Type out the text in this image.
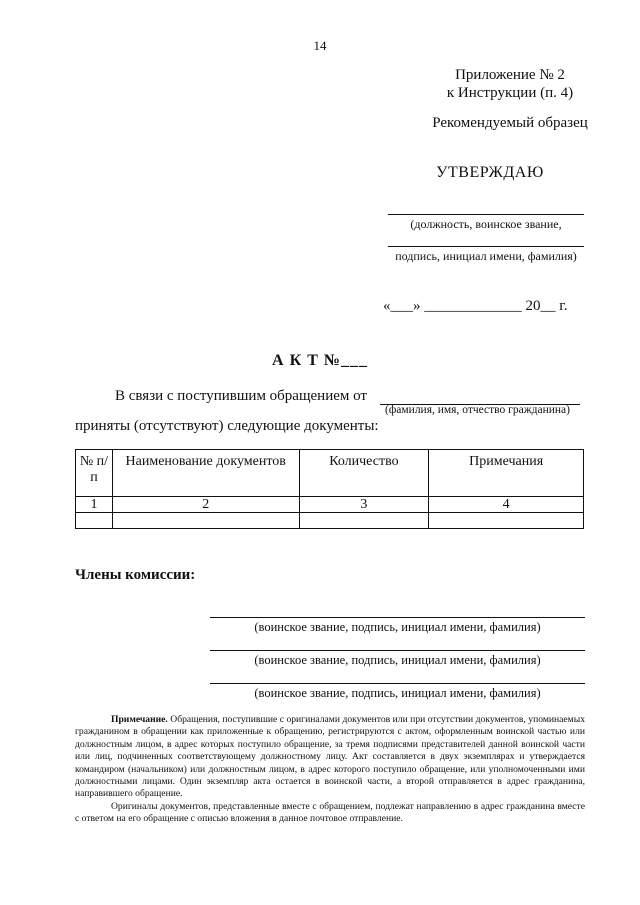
14
Приложение № 2
к Инструкции (п. 4)
Рекомендуемый образец
УТВЕРЖДАЮ
(должность, воинское звание,
подпись, инициал имени, фамилия)
«___» _____________ 20__ г.
А К Т №___
В связи с поступившим обращением от
(фамилия, имя, отчество гражданина)
приняты (отсутствуют) следующие документы:
№ п/п	Наименование документов	Количество	Примечания
1	2	3	4

Члены комиссии:
(воинское звание, подпись, инициал имени, фамилия)
(воинское звание, подпись, инициал имени, фамилия)
(воинское звание, подпись, инициал имени, фамилия)

Примечание. Обращения, поступившие с оригиналами документов или при отсутствии документов, упоминаемых гражданином в обращении как приложенные к обращению, регистрируются с актом, оформленным воинской частью или должностным лицом, в адрес которых поступило обращение, за тремя подписями представителей данной воинской части или лиц, подчиненных соответствующему должностному лицу. Акт составляется в двух экземплярах и утверждается командиром (начальником) или должностным лицом, в адрес которого поступило обращение, или уполномоченными ими должностными лицами. Один экземпляр акта остается в воинской части, а второй отправляется в адрес гражданина, направившего обращение.

Оригиналы документов, представленные вместе с обращением, подлежат направлению в адрес гражданина вместе с ответом на его обращение с описью вложения в данное почтовое отправление.
